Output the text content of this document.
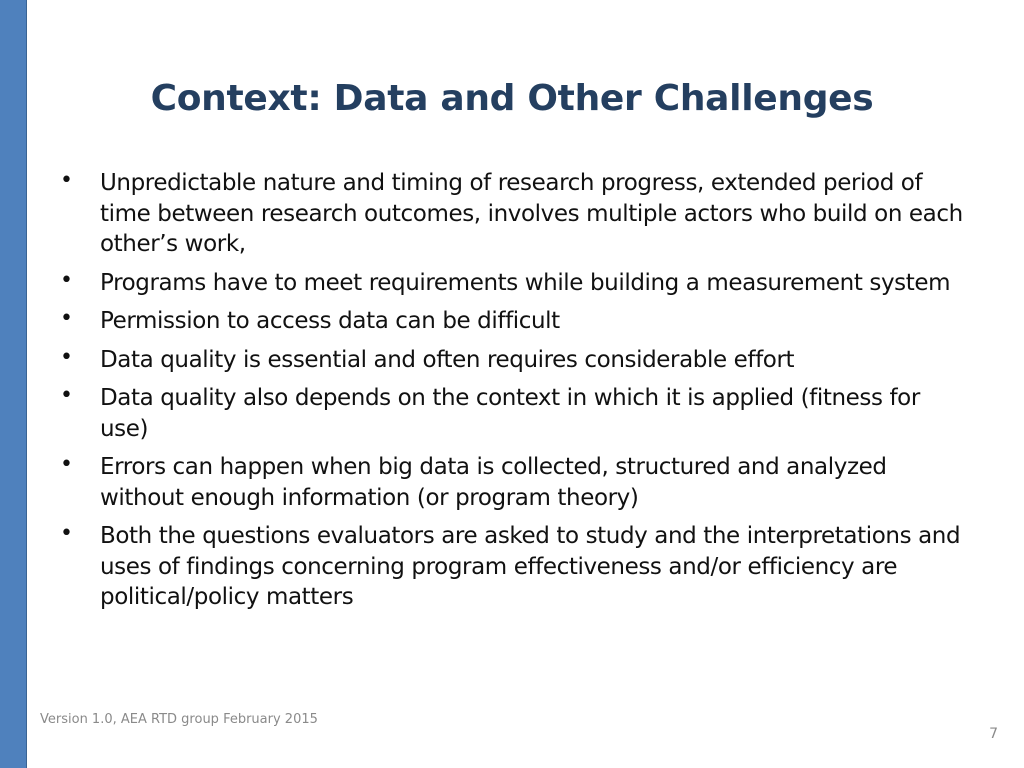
Context: Data and Other Challenges
• Unpredictable nature and timing of research progress, extended period of time between research outcomes, involves multiple actors who build on each other’s work,
• Programs have to meet requirements while building a measurement system
• Permission to access data can be difficult
• Data quality is essential and often requires considerable effort
• Data quality also depends on the context in which it is applied (fitness for use)
• Errors can happen when big data is collected, structured and analyzed without enough information (or program theory)
• Both the questions evaluators are asked to study and the interpretations and uses of findings concerning program effectiveness and/or efficiency are political/policy matters
Version 1.0, AEA RTD group February 2015
7
